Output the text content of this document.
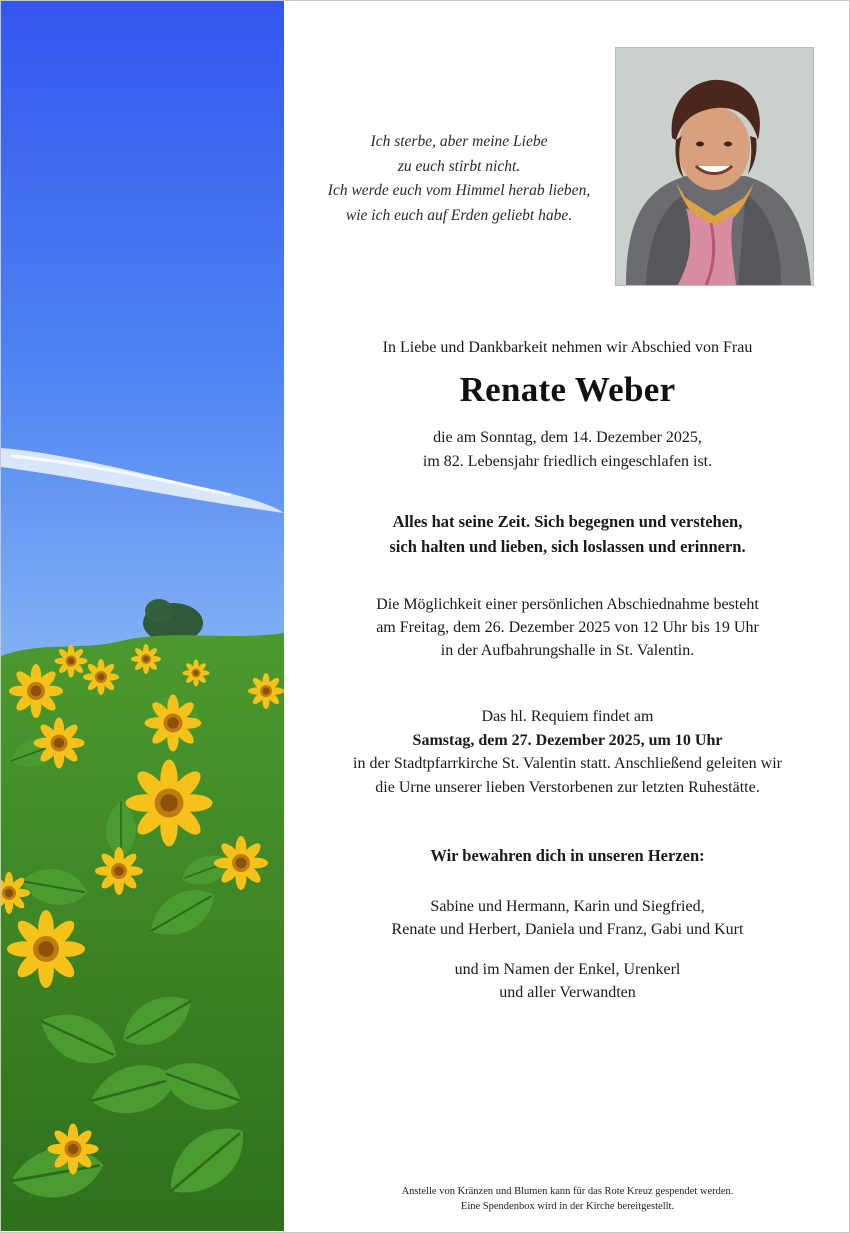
Ich sterbe, aber meine Liebe
zu euch stirbt nicht.
Ich werde euch vom Himmel herab lieben,
wie ich euch auf Erden geliebt habe.
In Liebe und Dankbarkeit nehmen wir Abschied von Frau
Renate Weber
die am Sonntag, dem 14. Dezember 2025,
im 82. Lebensjahr friedlich eingeschlafen ist.
Alles hat seine Zeit. Sich begegnen und verstehen,
sich halten und lieben, sich loslassen und erinnern.
Die Möglichkeit einer persönlichen Abschiednahme besteht
am Freitag, dem 26. Dezember 2025 von 12 Uhr bis 19 Uhr
in der Aufbahrungshalle in St. Valentin.
Das hl. Requiem findet am
Samstag, dem 27. Dezember 2025, um 10 Uhr
in der Stadtpfarrkirche St. Valentin statt. Anschließend geleiten wir
die Urne unserer lieben Verstorbenen zur letzten Ruhestätte.
Wir bewahren dich in unseren Herzen:
Sabine und Hermann, Karin und Siegfried,
Renate und Herbert, Daniela und Franz, Gabi und Kurt
und im Namen der Enkel, Urenkerl
und aller Verwandten
Anstelle von Kränzen und Blumen kann für das Rote Kreuz gespendet werden.
Eine Spendenbox wird in der Kirche bereitgestellt.
